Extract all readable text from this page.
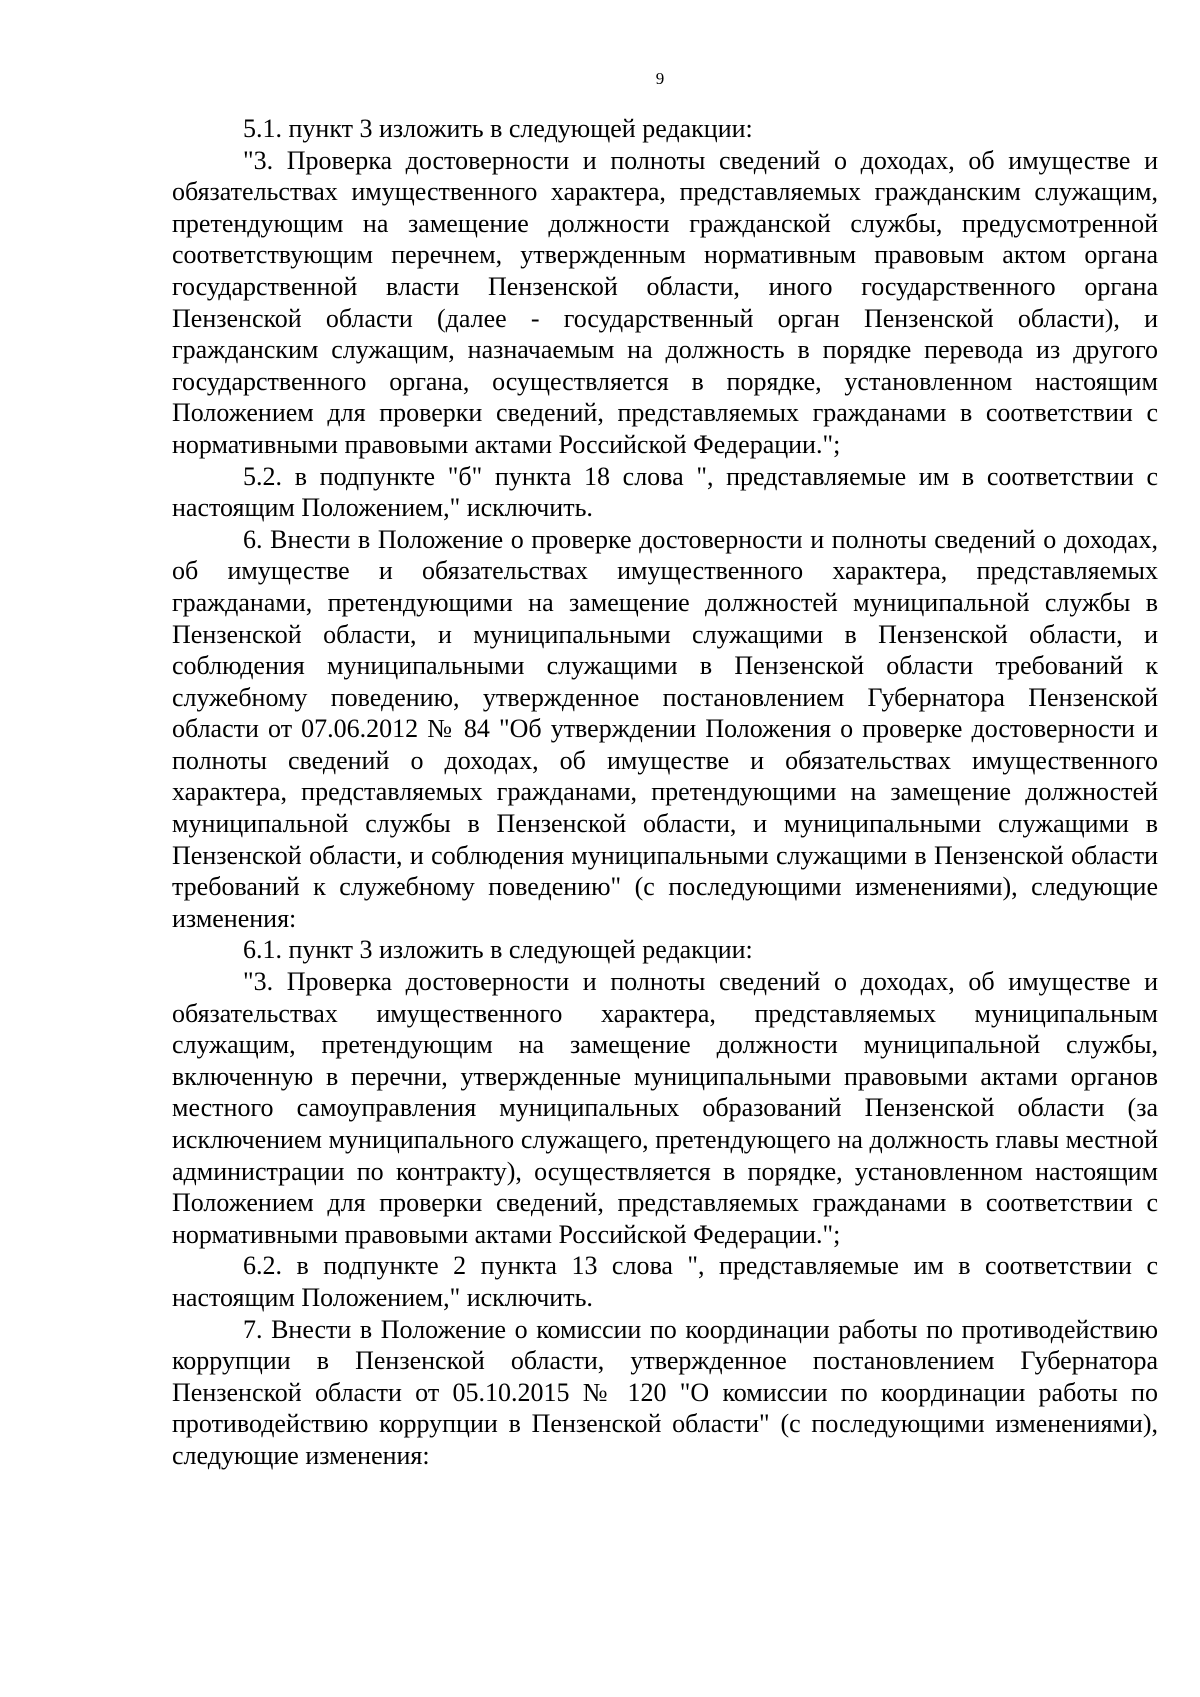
9

5.1. пункт 3 изложить в следующей редакции:

"3. Проверка достоверности и полноты сведений о доходах, об имуществе и обязательствах имущественного характера, представляемых гражданским служащим, претендующим на замещение должности гражданской службы, предусмотренной соответствующим перечнем, утвержденным нормативным правовым актом органа государственной власти Пензенской области, иного государственного органа Пензенской области (далее - государственный орган Пензенской области), и гражданским служащим, назначаемым на должность в порядке перевода из другого государственного органа, осуществляется в порядке, установленном настоящим Положением для проверки сведений, представляемых гражданами в соответствии с нормативными правовыми актами Российской Федерации.";

5.2. в подпункте "б" пункта 18 слова ", представляемые им в соответствии с настоящим Положением," исключить.

6. Внести в Положение о проверке достоверности и полноты сведений о доходах, об имуществе и обязательствах имущественного характера, представляемых гражданами, претендующими на замещение должностей муниципальной службы в Пензенской области, и муниципальными служащими в Пензенской области, и соблюдения муниципальными служащими в Пензенской области требований к служебному поведению, утвержденное постановлением Губернатора Пензенской области от 07.06.2012 № 84 "Об утверждении Положения о проверке достоверности и полноты сведений о доходах, об имуществе и обязательствах имущественного характера, представляемых гражданами, претендующими на замещение должностей муниципальной службы в Пензенской области, и муниципальными служащими в Пензенской области, и соблюдения муниципальными служащими в Пензенской области требований к служебному поведению" (с последующими изменениями), следующие изменения:

6.1. пункт 3 изложить в следующей редакции:

"3. Проверка достоверности и полноты сведений о доходах, об имуществе и обязательствах имущественного характера, представляемых муниципальным служащим, претендующим на замещение должности муниципальной службы, включенную в перечни, утвержденные муниципальными правовыми актами органов местного самоуправления муниципальных образований Пензенской области (за исключением муниципального служащего, претендующего на должность главы местной администрации по контракту), осуществляется в порядке, установленном настоящим Положением для проверки сведений, представляемых гражданами в соответствии с нормативными правовыми актами Российской Федерации.";

6.2. в подпункте 2 пункта 13 слова ", представляемые им в соответствии с настоящим Положением," исключить.

7. Внести в Положение о комиссии по координации работы по противодействию коррупции в Пензенской области, утвержденное постановлением Губернатора Пензенской области от 05.10.2015 № 120 "О комиссии по координации работы по противодействию коррупции в Пензенской области" (с последующими изменениями), следующие изменения:
